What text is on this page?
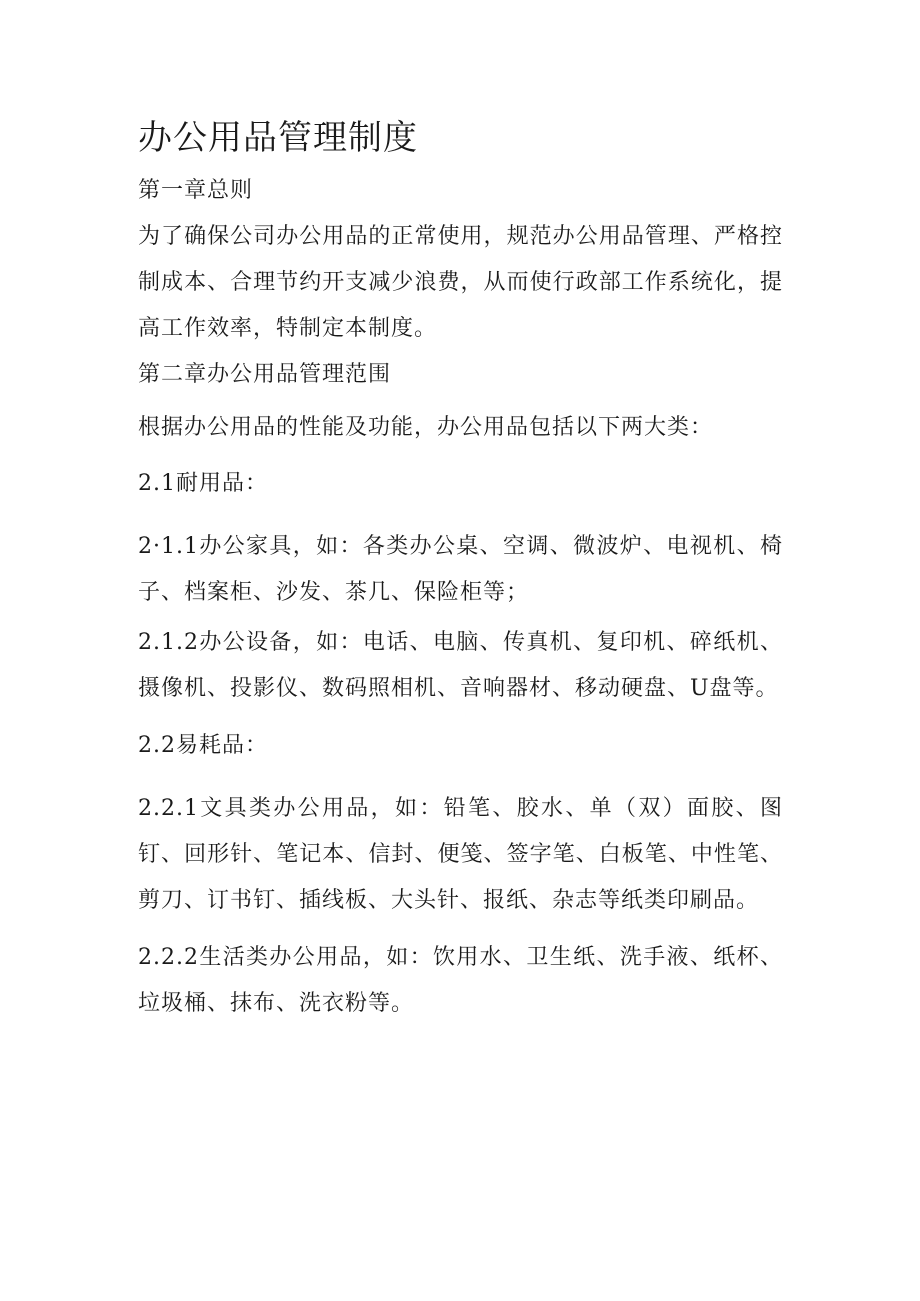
办公用品管理制度

第一章总则

为了确保公司办公用品的正常使用，规范办公用品管理、严格控制成本、合理节约开支减少浪费，从而使行政部工作系统化，提高工作效率，特制定本制度。

第二章办公用品管理范围

根据办公用品的性能及功能，办公用品包括以下两大类：

2.1耐用品：

2·1.1办公家具，如：各类办公桌、空调、微波炉、电视机、椅子、档案柜、沙发、茶几、保险柜等；

2.1.2办公设备，如：电话、电脑、传真机、复印机、碎纸机、摄像机、投影仪、数码照相机、音响器材、移动硬盘、U盘等。

2.2易耗品：

2.2.1文具类办公用品，如：铅笔、胶水、单（双）面胶、图钉、回形针、笔记本、信封、便笺、签字笔、白板笔、中性笔、剪刀、订书钉、插线板、大头针、报纸、杂志等纸类印刷品。

2.2.2生活类办公用品，如：饮用水、卫生纸、洗手液、纸杯、垃圾桶、抹布、洗衣粉等。
